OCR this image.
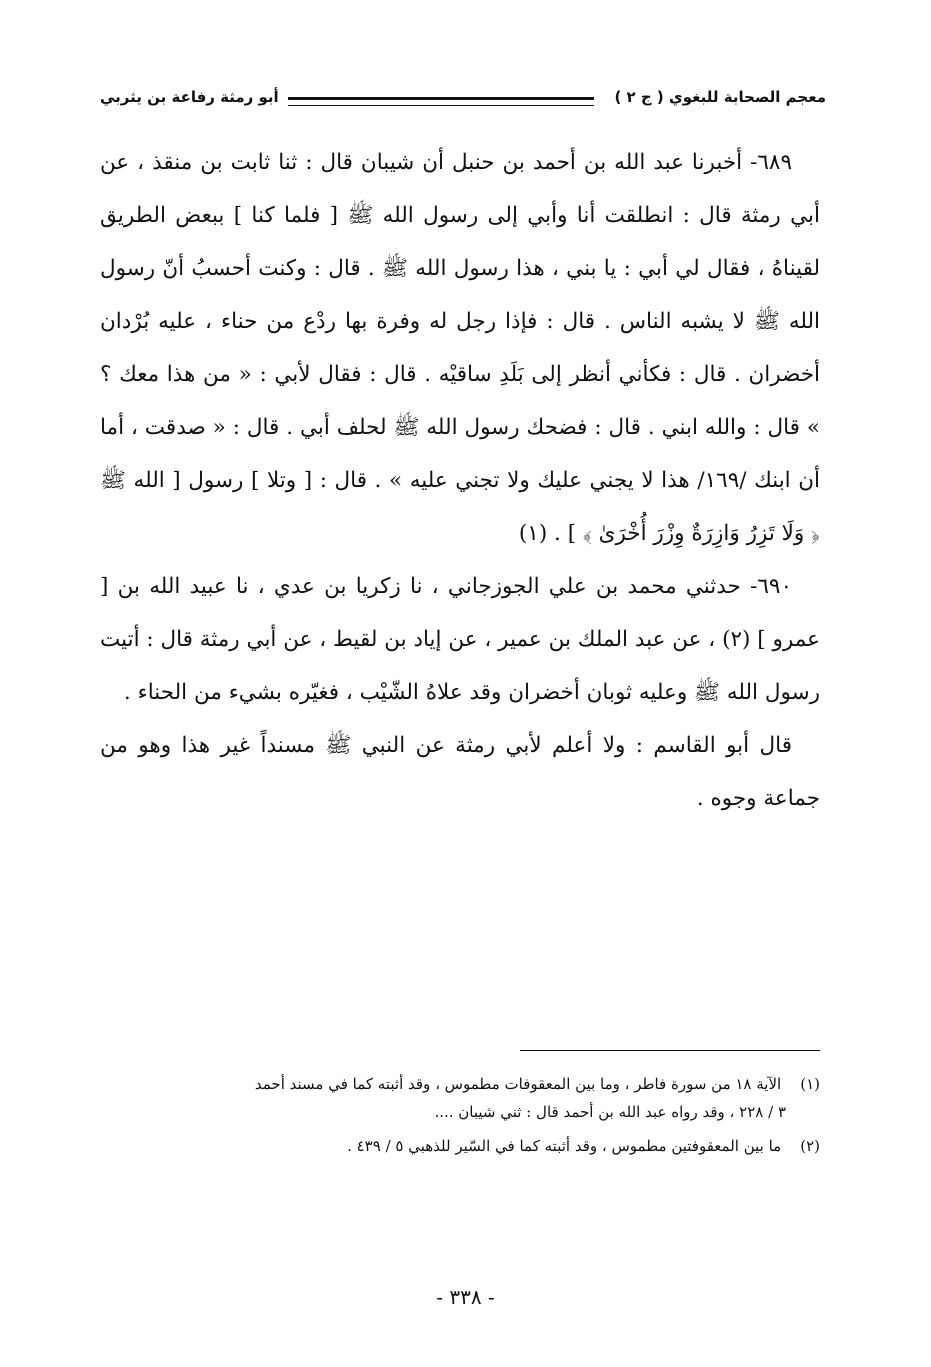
معجم الصحابة للبغوي ( ج ٢ )
أبو رمثة رفاعة بن يثربي

٦٨٩- أخبرنا عبد الله بن أحمد بن حنبل أن شيبان قال : ثنا ثابت بن منقذ ، عن أبي رمثة قال : انطلقت أنا وأبي إلى رسول الله ﷺ [ فلما كنا ] ببعض الطريق لقيناهُ ، فقال لي أبي : يا بني ، هذا رسول الله ﷺ . قال : وكنت أحسبُ أنّ رسول الله ﷺ لا يشبه الناس . قال : فإذا رجل له وفرة بها ردْع من حناء ، عليه بُرْدان أخضران . قال : فكأني أنظر إلى بَلَدِ ساقيْه . قال : فقال لأبي : « من هذا معك ؟ » قال : والله ابني . قال : فضحك رسول الله ﷺ لحلف أبي . قال : « صدقت ، أما أن ابنك /١٦٩/ هذا لا يجني عليك ولا تجني عليه » . قال : [ وتلا ] رسول [ الله ﷺ ﴿ وَلَا تَزِرُ وَازِرَةٌ وِزْرَ أُخْرَىٰ ﴾ ] . (١)

٦٩٠- حدثني محمد بن علي الجوزجاني ، نا زكريا بن عدي ، نا عبيد الله بن [ عمرو ] (٢) ، عن عبد الملك بن عمير ، عن إياد بن لقيط ، عن أبي رمثة قال : أتيت رسول الله ﷺ وعليه ثوبان أخضران وقد علاهُ الشّيْب ، فغيّره بشيء من الحناء .

قال أبو القاسم : ولا أعلم لأبي رمثة عن النبي ﷺ مسنداً غير هذا وهو من جماعة وجوه .

(١) الآية ١٨ من سورة فاطر ، وما بين المعقوفات مطموس ، وقد أثبته كما في مسند أحمد
٣ / ٢٢٨ ، وقد رواه عبد الله بن أحمد قال : ثني شيبان ....
(٢) ما بين المعقوفتين مطموس ، وقد أثبته كما في السّير للذهبي ٥ / ٤٣٩ .
- ٣٣٨ -
